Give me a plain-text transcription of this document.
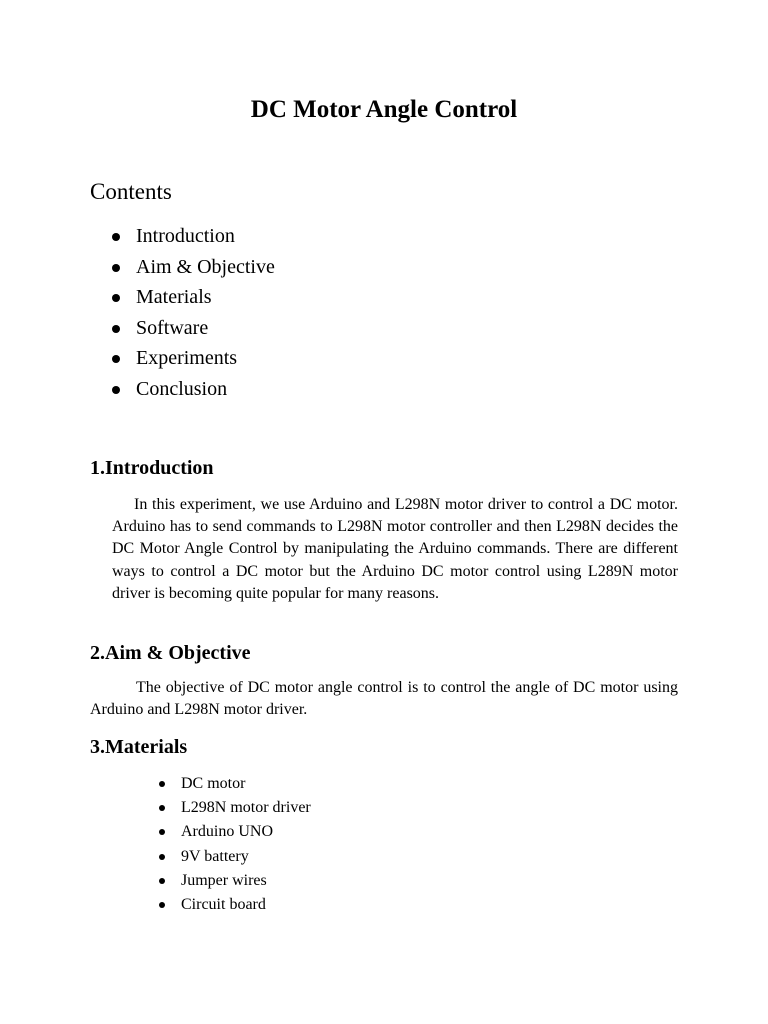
DC Motor Angle Control
Contents
Introduction
Aim & Objective
Materials
Software
Experiments
Conclusion
1.Introduction

In this experiment, we use Arduino and L298N motor driver to control a DC motor. Arduino has to send commands to L298N motor controller and then L298N decides the DC Motor Angle Control by manipulating the Arduino commands. There are different ways to control a DC motor but the Arduino DC motor control using L289N motor driver is becoming quite popular for many reasons.

2.Aim & Objective

The objective of DC motor angle control is to control the angle of DC motor using Arduino and L298N motor driver.

3.Materials
DC motor
L298N motor driver
Arduino UNO
9V battery
Jumper wires
Circuit board
